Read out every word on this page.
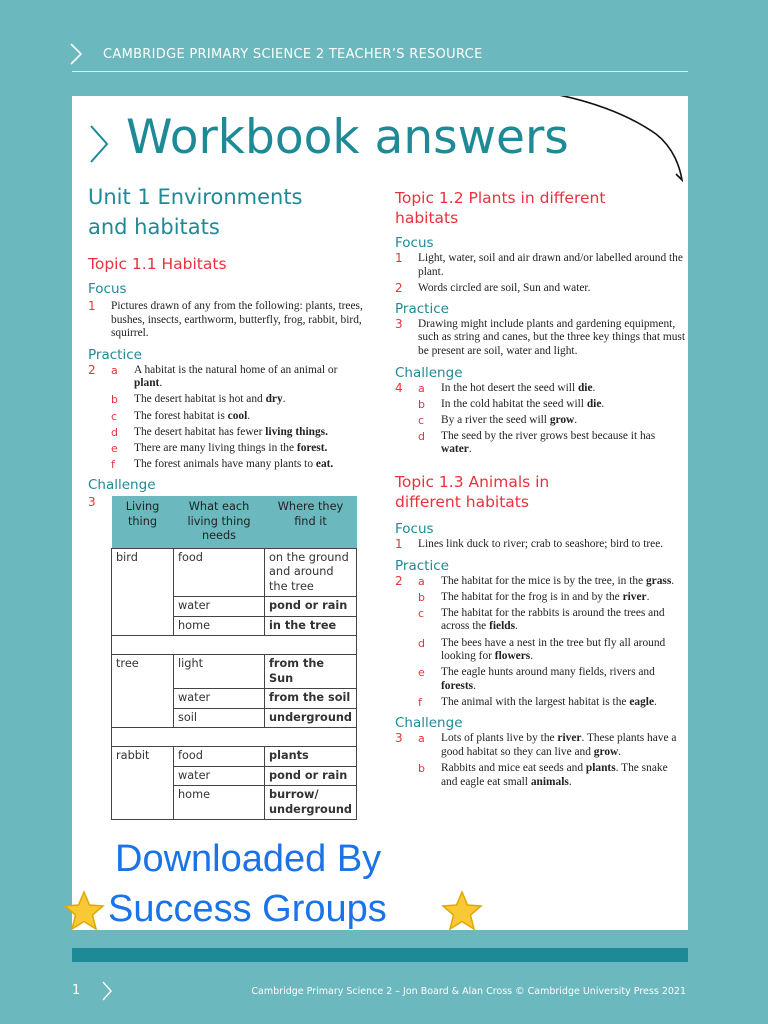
CAMBRIDGE PRIMARY SCIENCE 2 TEACHER’S RESOURCE
Workbook answers
Unit 1 Environments and habitats
Topic 1.1 Habitats
Focus
1 Pictures drawn of any from the following: plants, trees, bushes, insects, earthworm, butterfly, frog, rabbit, bird, squirrel.
Practice
2 a A habitat is the natural home of an animal or plant.
b The desert habitat is hot and dry.
c The forest habitat is cool.
d The desert habitat has fewer living things.
e There are many living things in the forest.
f The forest animals have many plants to eat.
Challenge
3	Living thing	What each living thing needs	Where they find it
bird	food	on the ground and around the tree
	water	pond or rain
	home	in the tree

tree	light	from the Sun
	water	from the soil
	soil	underground

rabbit	food	plants
	water	pond or rain
	home	burrow/ underground
Topic 1.2 Plants in different habitats
Focus
1 Light, water, soil and air drawn and/or labelled around the plant.
2 Words circled are soil, Sun and water.
Practice
3 Drawing might include plants and gardening equipment, such as string and canes, but the three key things that must be present are soil, water and light.
Challenge
4 a In the hot desert the seed will die.
b In the cold habitat the seed will die.
c By a river the seed will grow.
d The seed by the river grows best because it has water.
Topic 1.3 Animals in different habitats
Focus
1 Lines link duck to river; crab to seashore; bird to tree.
Practice
2 a The habitat for the mice is by the tree, in the grass.
b The habitat for the frog is in and by the river.
c The habitat for the rabbits is around the trees and across the fields.
d The bees have a nest in the tree but fly all around looking for flowers.
e The eagle hunts around many fields, rivers and forests.
f The animal with the largest habitat is the eagle.
Challenge
3 a Lots of plants live by the river. These plants have a good habitat so they can live and grow.
b Rabbits and mice eat seeds and plants. The snake and eagle eat small animals.
Downloaded By
Success Groups
1	Cambridge Primary Science 2 – Jon Board & Alan Cross © Cambridge University Press 2021
